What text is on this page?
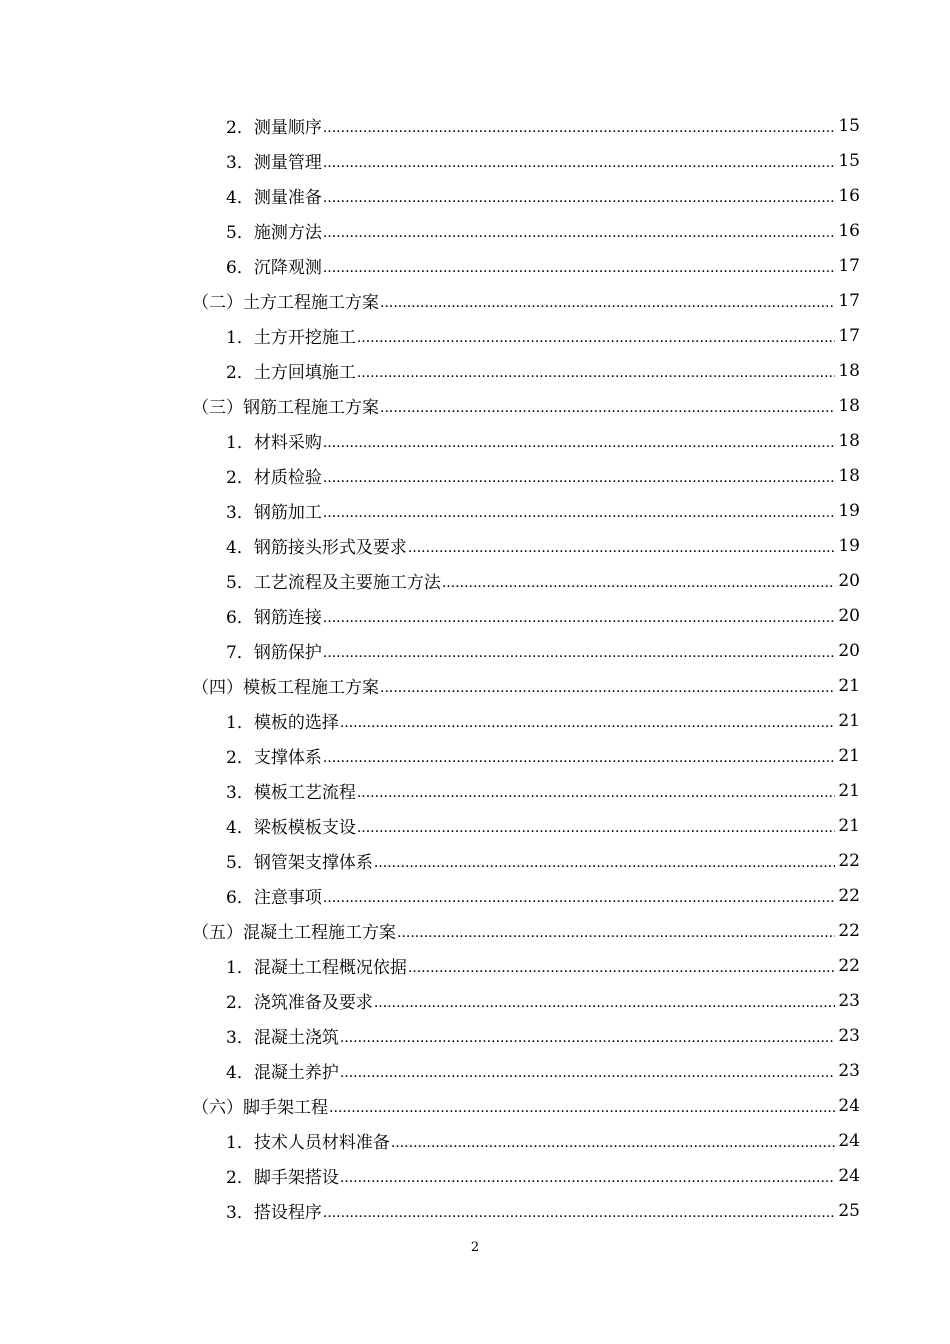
2． 测量顺序 .....	15
3． 测量管理 .....	15
4． 测量准备 .....	16
5． 施测方法 .....	16
6． 沉降观测 .....	17
（二） 土方工程施工方案 .....	17
1． 土方开挖施工 .....	17
2． 土方回填施工 .....	18
（三） 钢筋工程施工方案 .....	18
1． 材料采购 .....	18
2． 材质检验 .....	18
3． 钢筋加工 .....	19
4． 钢筋接头形式及要求 .....	19
5． 工艺流程及主要施工方法 .....	20
6． 钢筋连接 .....	20
7． 钢筋保护 .....	20
（四） 模板工程施工方案 .....	21
1． 模板的选择 .....	21
2． 支撑体系 .....	21
3． 模板工艺流程 .....	21
4． 梁板模板支设 .....	21
5． 钢管架支撑体系 .....	22
6． 注意事项 .....	22
（五） 混凝土工程施工方案 .....	22
1． 混凝土工程概况依据 .....	22
2． 浇筑准备及要求 .....	23
3． 混凝土浇筑 .....	23
4． 混凝土养护 .....	23
（六） 脚手架工程 .....	24
1． 技术人员材料准备 .....	24
2． 脚手架搭设 .....	24
3． 搭设程序 .....	25
2
